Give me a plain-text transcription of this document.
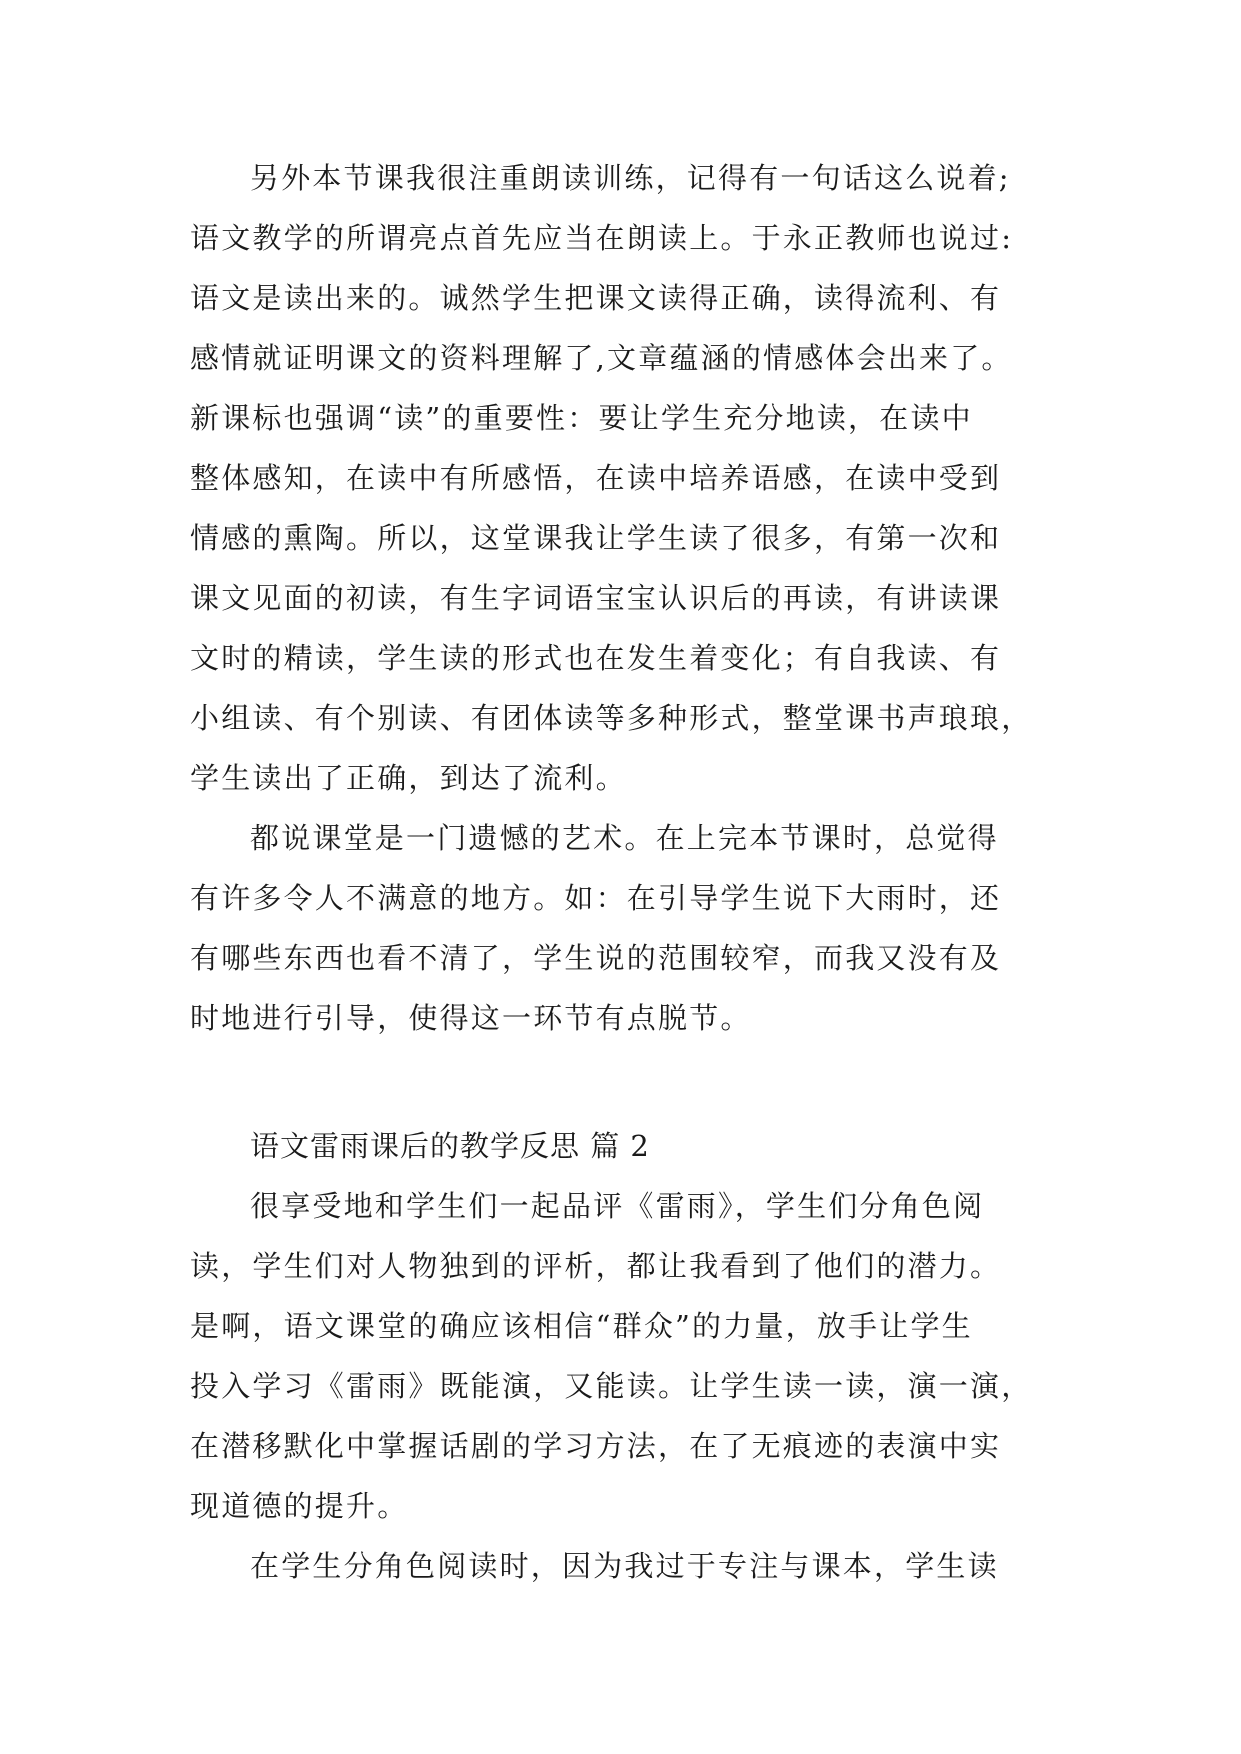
另外本节课我很注重朗读训练，记得有一句话这么说着;
语文教学的所谓亮点首先应当在朗读上。于永正教师也说过:
语文是读出来的。诚然学生把课文读得正确，读得流利、有
感情就证明课文的资料理解了,文章蕴涵的情感体会出来了。
新课标也强调“读”的重要性：要让学生充分地读，在读中
整体感知，在读中有所感悟，在读中培养语感，在读中受到
情感的熏陶。所以，这堂课我让学生读了很多，有第一次和
课文见面的初读，有生字词语宝宝认识后的再读，有讲读课
文时的精读，学生读的形式也在发生着变化；有自我读、有
小组读、有个别读、有团体读等多种形式，整堂课书声琅琅，
学生读出了正确，到达了流利。
都说课堂是一门遗憾的艺术。在上完本节课时，总觉得
有许多令人不满意的地方。如：在引导学生说下大雨时，还
有哪些东西也看不清了，学生说的范围较窄，而我又没有及
时地进行引导，使得这一环节有点脱节。
语文雷雨课后的教学反思 篇 2
很享受地和学生们一起品评《雷雨》，学生们分角色阅
读，学生们对人物独到的评析，都让我看到了他们的潜力。
是啊，语文课堂的确应该相信“群众”的力量，放手让学生
投入学习《雷雨》既能演，又能读。让学生读一读，演一演，
在潜移默化中掌握话剧的学习方法，在了无痕迹的表演中实
现道德的提升。
在学生分角色阅读时，因为我过于专注与课本，学生读
